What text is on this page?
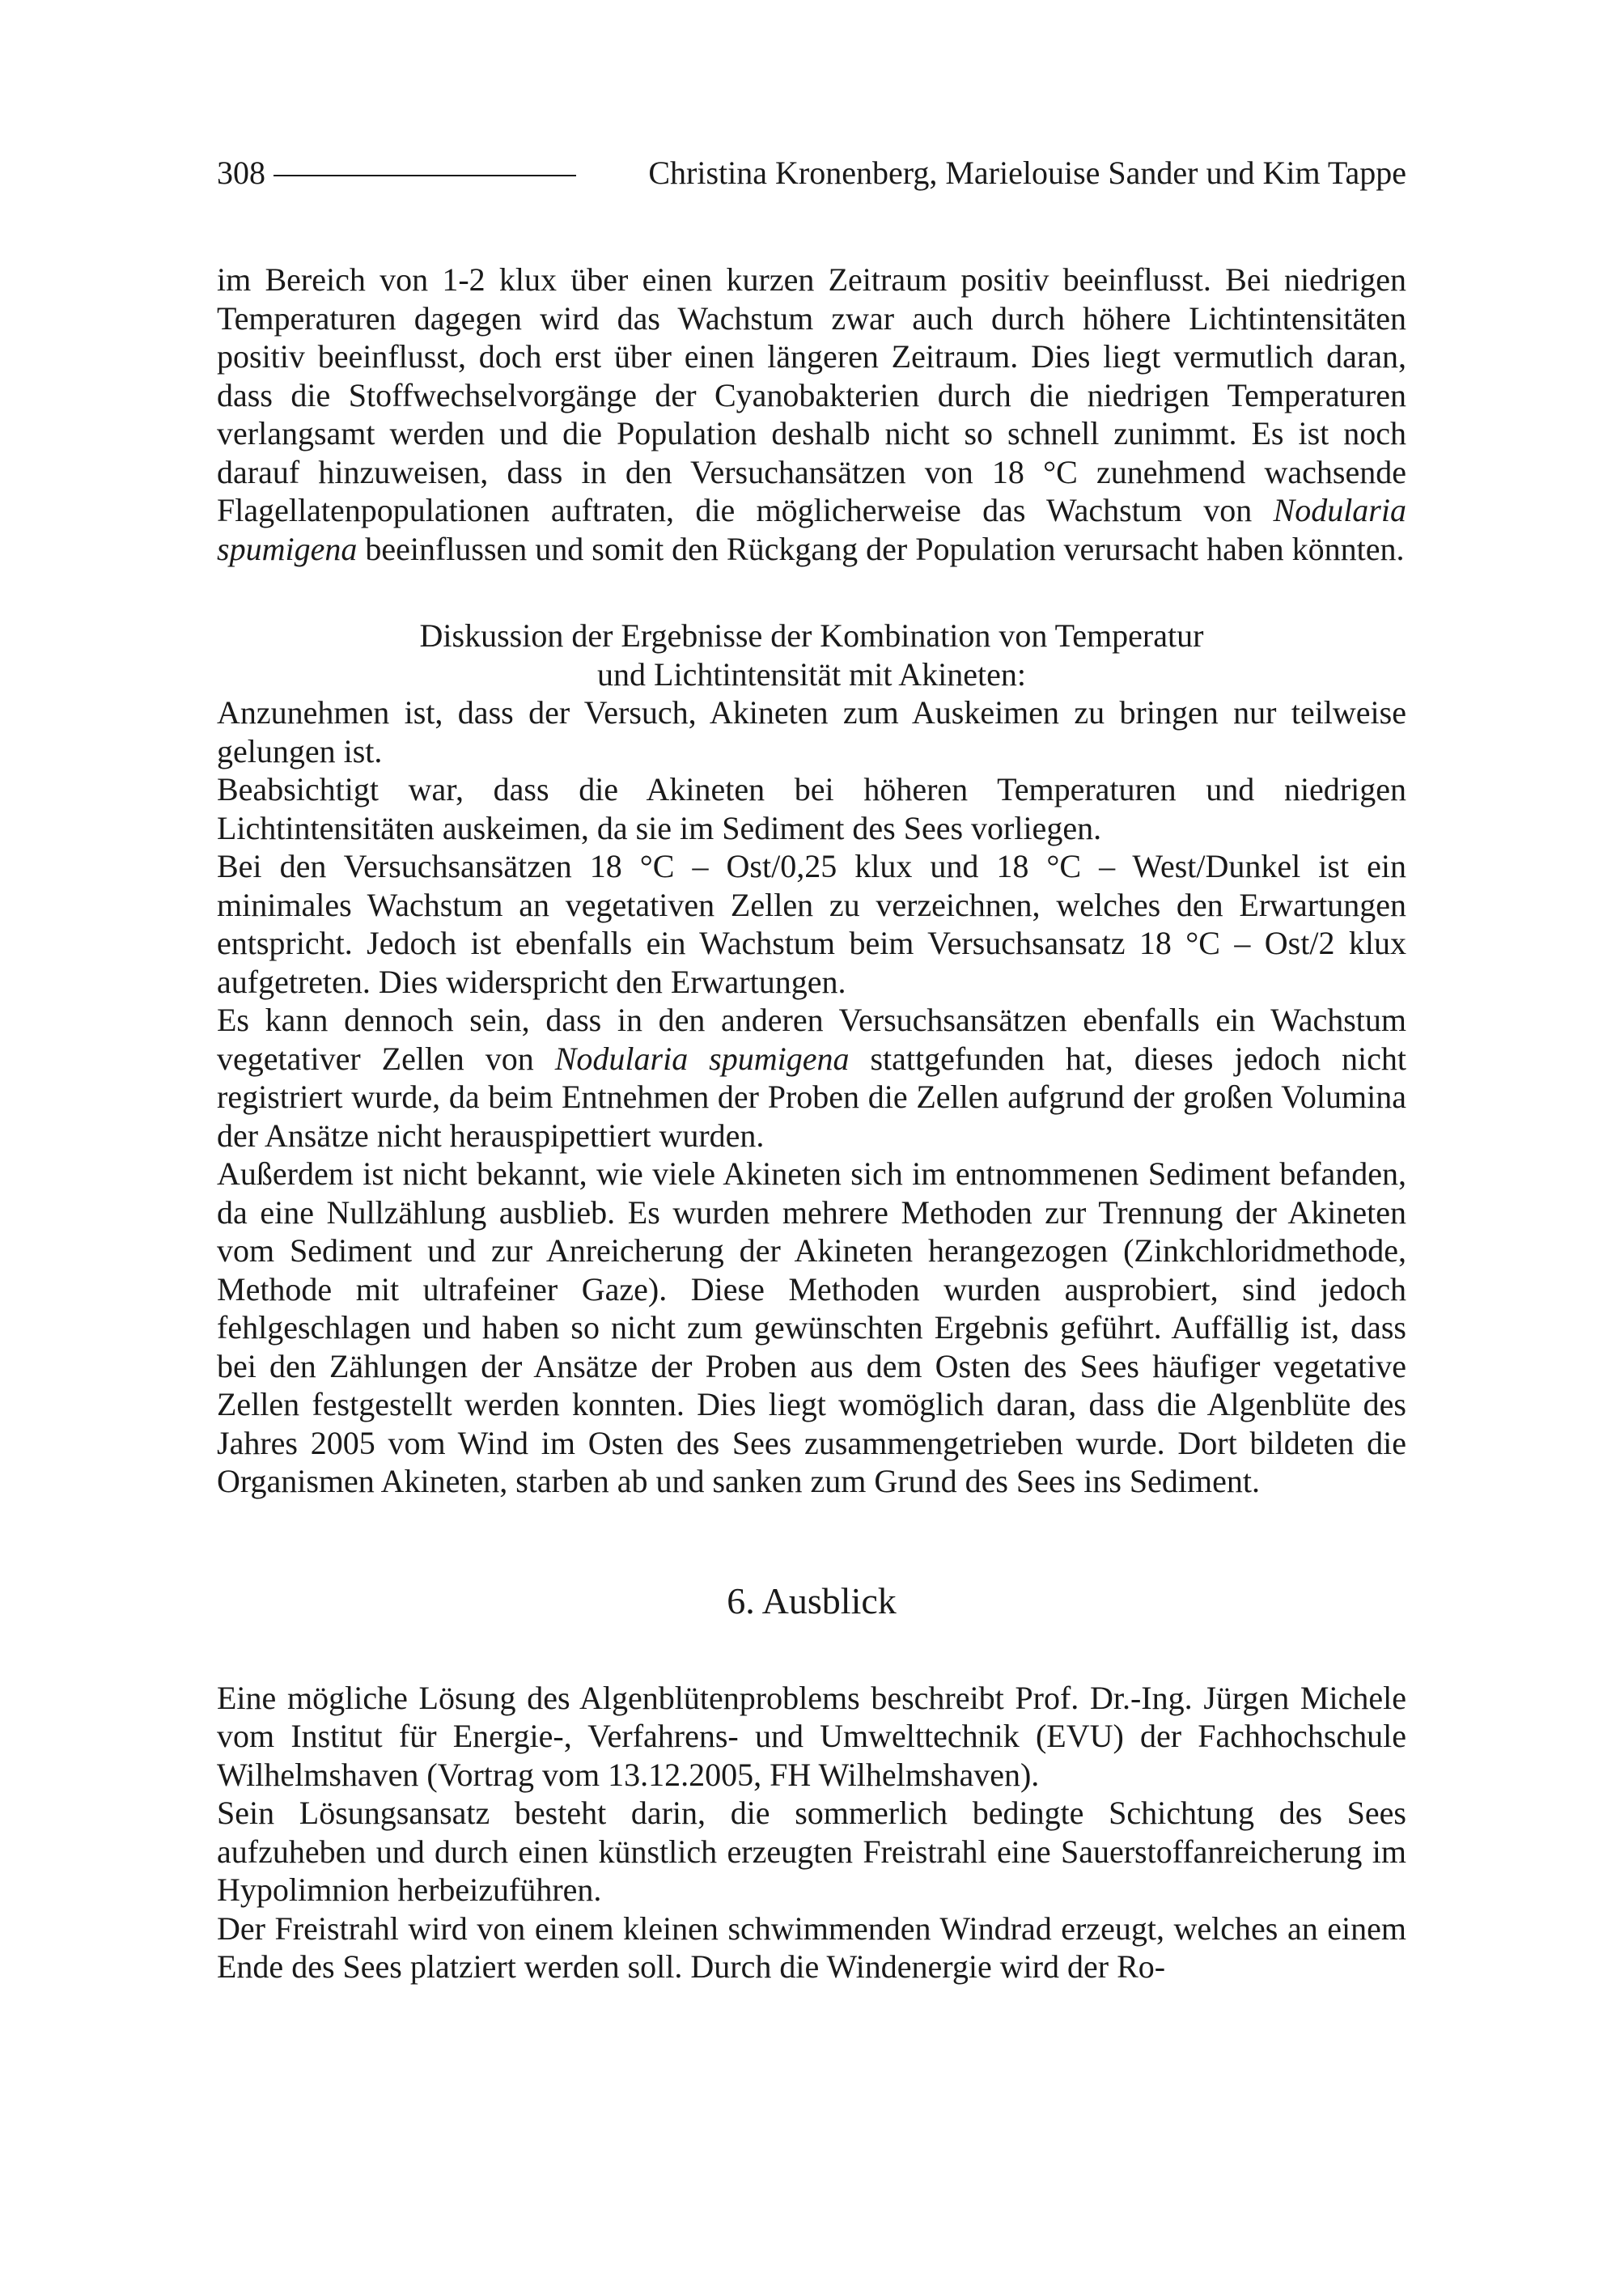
308	Christina Kronenberg, Marielouise Sander und Kim Tappe

im Bereich von 1-2 klux über einen kurzen Zeitraum positiv beeinflusst. Bei niedrigen Temperaturen dagegen wird das Wachstum zwar auch durch höhere Lichtintensitäten positiv beeinflusst, doch erst über einen längeren Zeitraum. Dies liegt vermutlich daran, dass die Stoffwechselvorgänge der Cyanobakterien durch die niedrigen Temperaturen verlangsamt werden und die Population deshalb nicht so schnell zunimmt. Es ist noch darauf hinzuweisen, dass in den Versuchansätzen von 18 °C zunehmend wachsende Flagellatenpopulationen auftraten, die möglicherweise das Wachstum von Nodularia spumigena beeinflussen und somit den Rückgang der Population verursacht haben könnten.

Diskussion der Ergebnisse der Kombination von Temperatur
und Lichtintensität mit Akineten:

Anzunehmen ist, dass der Versuch, Akineten zum Auskeimen zu bringen nur teilweise gelungen ist.

Beabsichtigt war, dass die Akineten bei höheren Temperaturen und niedrigen Lichtintensitäten auskeimen, da sie im Sediment des Sees vorliegen.

Bei den Versuchsansätzen 18 °C – Ost/0,25 klux und 18 °C – West/Dunkel ist ein minimales Wachstum an vegetativen Zellen zu verzeichnen, welches den Erwartungen entspricht. Jedoch ist ebenfalls ein Wachstum beim Versuchsansatz 18 °C – Ost/2 klux aufgetreten. Dies widerspricht den Erwartungen.

Es kann dennoch sein, dass in den anderen Versuchsansätzen ebenfalls ein Wachstum vegetativer Zellen von Nodularia spumigena stattgefunden hat, dieses jedoch nicht registriert wurde, da beim Entnehmen der Proben die Zellen aufgrund der großen Volumina der Ansätze nicht herauspipettiert wurden.

Außerdem ist nicht bekannt, wie viele Akineten sich im entnommenen Sediment befanden, da eine Nullzählung ausblieb. Es wurden mehrere Methoden zur Trennung der Akineten vom Sediment und zur Anreicherung der Akineten herangezogen (Zinkchloridmethode, Methode mit ultrafeiner Gaze). Diese Methoden wurden ausprobiert, sind jedoch fehlgeschlagen und haben so nicht zum gewünschten Ergebnis geführt. Auffällig ist, dass bei den Zählungen der Ansätze der Proben aus dem Osten des Sees häufiger vegetative Zellen festgestellt werden konnten. Dies liegt womöglich daran, dass die Algenblüte des Jahres 2005 vom Wind im Osten des Sees zusammengetrieben wurde. Dort bildeten die Organismen Akineten, starben ab und sanken zum Grund des Sees ins Sediment.

6. Ausblick

Eine mögliche Lösung des Algenblütenproblems beschreibt Prof. Dr.-Ing. Jürgen Michele vom Institut für Energie-, Verfahrens- und Umwelttechnik (EVU) der Fachhochschule Wilhelmshaven (Vortrag vom 13.12.2005, FH Wilhelmshaven).

Sein Lösungsansatz besteht darin, die sommerlich bedingte Schichtung des Sees aufzuheben und durch einen künstlich erzeugten Freistrahl eine Sauerstoffanreicherung im Hypolimnion herbeizuführen.

Der Freistrahl wird von einem kleinen schwimmenden Windrad erzeugt, welches an einem Ende des Sees platziert werden soll. Durch die Windenergie wird der Ro-
